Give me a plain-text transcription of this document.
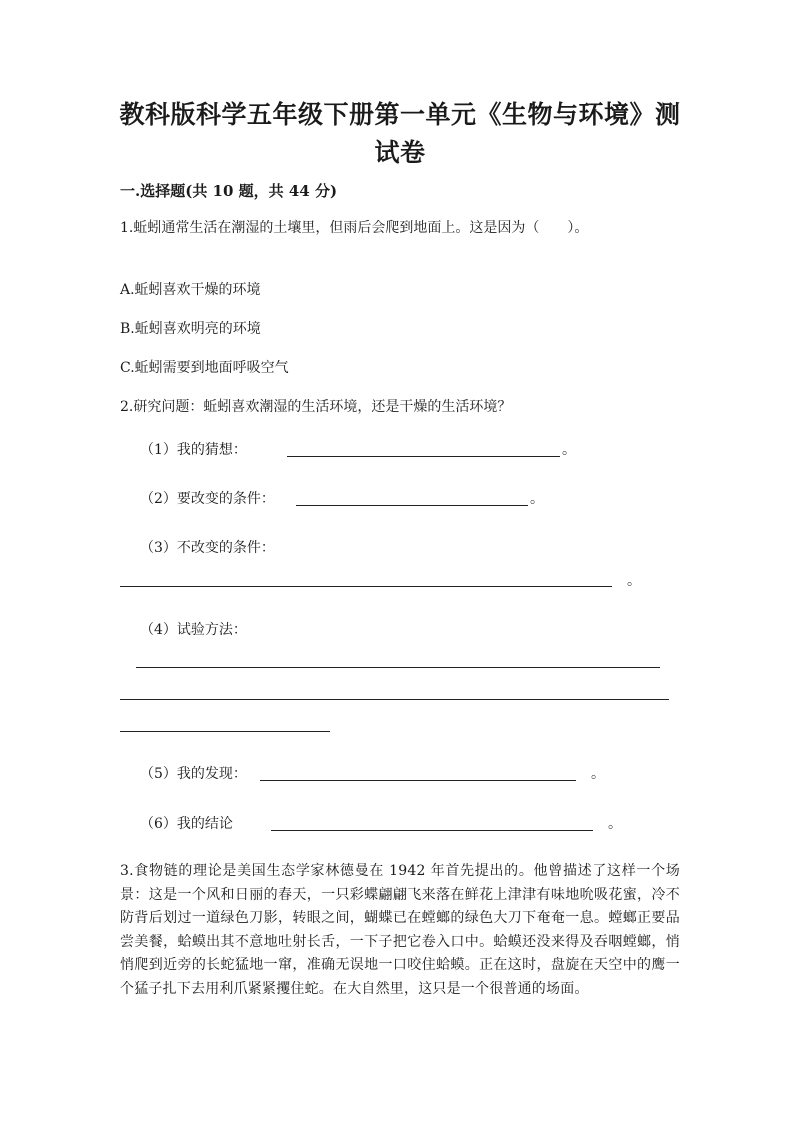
教科版科学五年级下册第一单元《生物与环境》测
试卷
一.选择题(共 10 题，共 44 分)
1.蚯蚓通常生活在潮湿的土壤里，但雨后会爬到地面上。这是因为（　　）。
A.蚯蚓喜欢干燥的环境
B.蚯蚓喜欢明亮的环境
C.蚯蚓需要到地面呼吸空气
2.研究问题：蚯蚓喜欢潮湿的生活环境，还是干燥的生活环境？
（1）我的猜想：	。
（2）要改变的条件：	。
（3）不改变的条件：
。
（4）试验方法：
（5）我的发现：	。
（6）我的结论	。
3.食物链的理论是美国生态学家林德曼在 1942 年首先提出的。他曾描述了这样一个场景：这是一个风和日丽的春天，一只彩蝶翩翩飞来落在鲜花上津津有味地吮吸花蜜，冷不防背后划过一道绿色刀影，转眼之间，蝴蝶已在螳螂的绿色大刀下奄奄一息。螳螂正要品尝美餐，蛤蟆出其不意地吐射长舌，一下子把它卷入口中。蛤蟆还没来得及吞咽螳螂，悄悄爬到近旁的长蛇猛地一窜，准确无误地一口咬住蛤蟆。正在这时，盘旋在天空中的鹰一个猛子扎下去用利爪紧紧攫住蛇。在大自然里，这只是一个很普通的场面。
